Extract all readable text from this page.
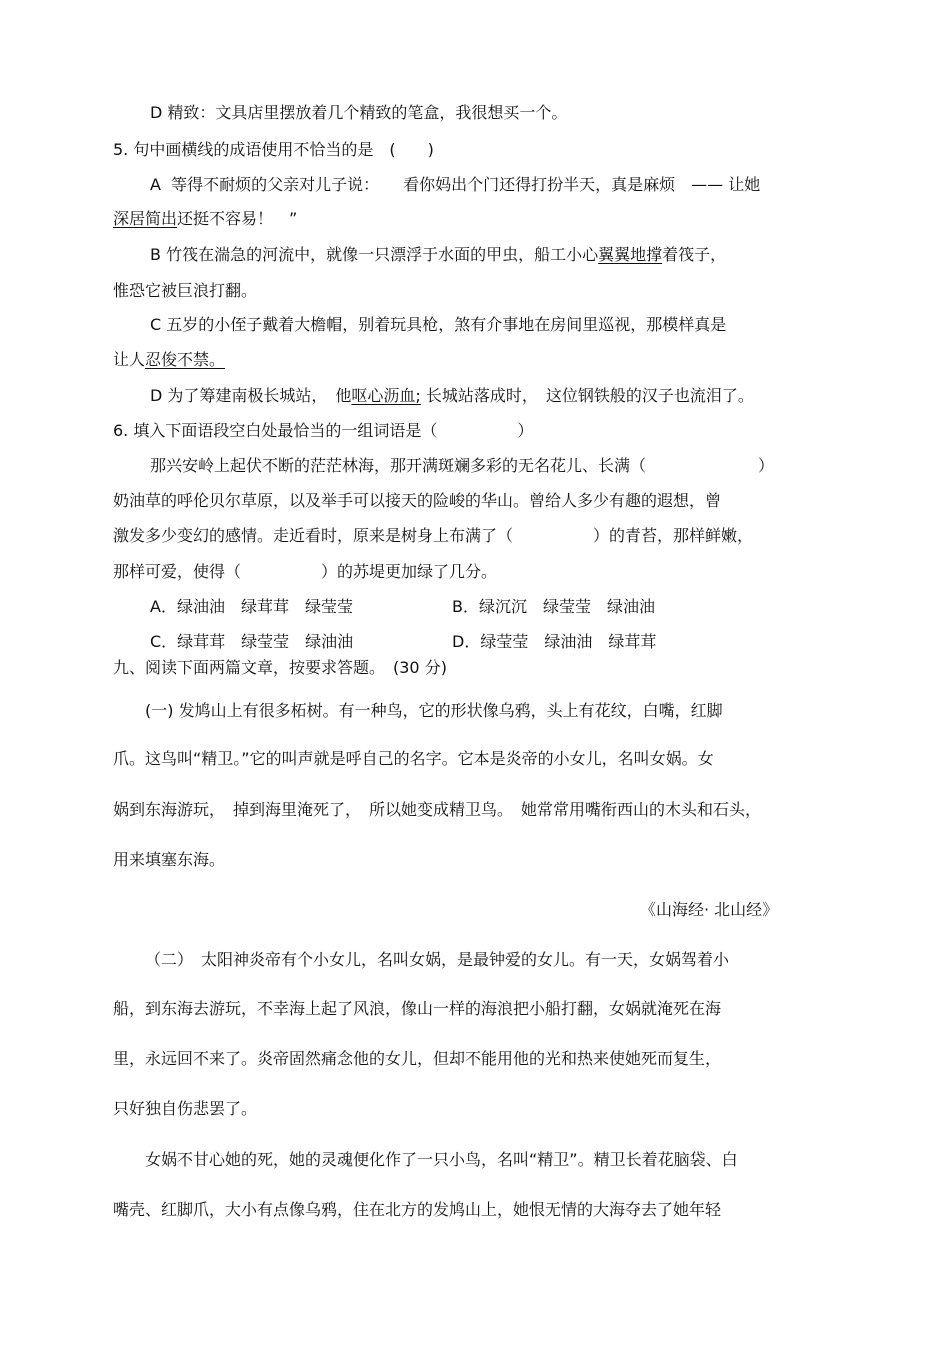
D 精致：文具店里摆放着几个精致的笔盒，我很想买一个。
5. 句中画横线的成语使用不恰当的是　(　　)
A  等得不耐烦的父亲对儿子说：　　看你妈出个门还得打扮半天，真是麻烦　—— 让她
深居简出还挺不容易！　”
B 竹筏在湍急的河流中，就像一只漂浮于水面的甲虫，船工小心翼翼地撑着筏子，
惟恐它被巨浪打翻。
C 五岁的小侄子戴着大檐帽，别着玩具枪，煞有介事地在房间里巡视，那模样真是
让人忍俊不禁。
D 为了筹建南极长城站，　他呕心沥血; 长城站落成时，　这位钢铁般的汉子也流泪了。
6. 填入下面语段空白处最恰当的一组词语是（　　　　　）
那兴安岭上起伏不断的茫茫林海，那开满斑斓多彩的无名花儿、长满（　　　　　　　）
奶油草的呼伦贝尔草原，以及举手可以接天的险峻的华山。曾给人多少有趣的遐想，曾
激发多少变幻的感情。走近看时，原来是树身上布满了（　　　　　）的青苔，那样鲜嫩，
那样可爱，使得（　　　　　）的苏堤更加绿了几分。
A．绿油油　绿茸茸　绿莹莹	B．绿沉沉　绿莹莹　绿油油
C．绿茸茸　绿莹莹　绿油油	D．绿莹莹　绿油油　绿茸茸
九、阅读下面两篇文章，按要求答题。　(30 分)
(一) 发鸠山上有很多柘树。有一种鸟，它的形状像乌鸦，头上有花纹，白嘴，红脚
爪。这鸟叫“精卫。”它的叫声就是呼自己的名字。它本是炎帝的小女儿，名叫女娲。女
娲到东海游玩，　掉到海里淹死了，　所以她变成精卫鸟。　她常常用嘴衔西山的木头和石头，
用来填塞东海。
《山海经· 北山经》
（二）　太阳神炎帝有个小女儿，名叫女娲，是最钟爱的女儿。有一天，女娲驾着小
船，到东海去游玩，不幸海上起了风浪，像山一样的海浪把小船打翻，女娲就淹死在海
里，永远回不来了。炎帝固然痛念他的女儿，但却不能用他的光和热来使她死而复生，
只好独自伤悲罢了。
女娲不甘心她的死，她的灵魂便化作了一只小鸟，名叫“精卫”。精卫长着花脑袋、白
嘴壳、红脚爪，大小有点像乌鸦，住在北方的发鸠山上，她恨无情的大海夺去了她年轻
